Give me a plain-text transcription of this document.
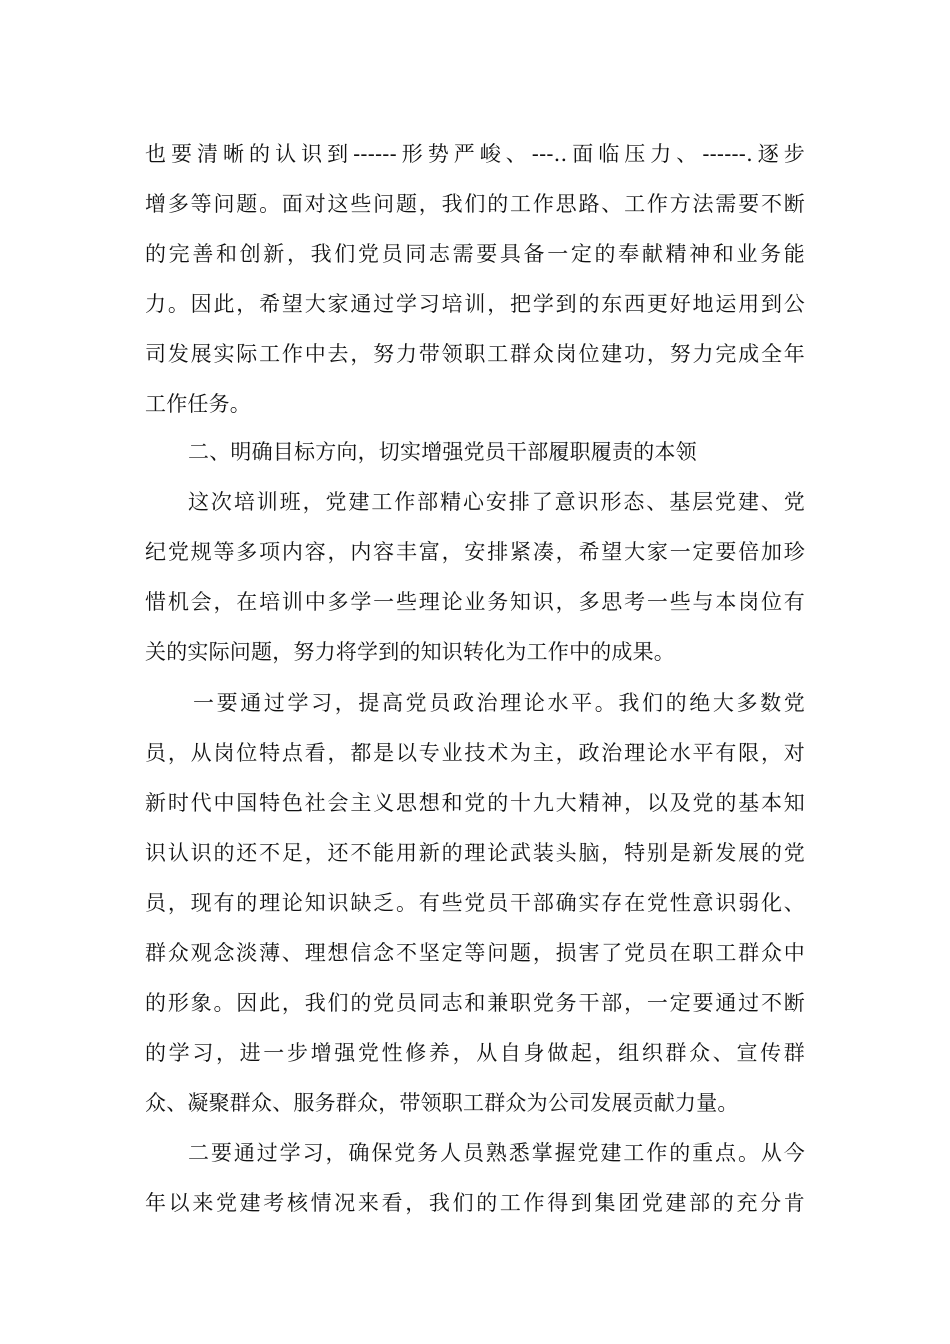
也要清晰的认识到------形势严峻、---..面临压力、------.逐步
增多等问题。面对这些问题，我们的工作思路、工作方法需要不断
的完善和创新，我们党员同志需要具备一定的奉献精神和业务能
力。因此，希望大家通过学习培训，把学到的东西更好地运用到公
司发展实际工作中去，努力带领职工群众岗位建功，努力完成全年
工作任务。
二、明确目标方向，切实增强党员干部履职履责的本领
这次培训班，党建工作部精心安排了意识形态、基层党建、党
纪党规等多项内容，内容丰富，安排紧凑，希望大家一定要倍加珍
惜机会，在培训中多学一些理论业务知识，多思考一些与本岗位有
关的实际问题，努力将学到的知识转化为工作中的成果。
一要通过学习，提高党员政治理论水平。我们的绝大多数党
员，从岗位特点看，都是以专业技术为主，政治理论水平有限，对
新时代中国特色社会主义思想和党的十九大精神，以及党的基本知
识认识的还不足，还不能用新的理论武装头脑，特别是新发展的党
员，现有的理论知识缺乏。有些党员干部确实存在党性意识弱化、
群众观念淡薄、理想信念不坚定等问题，损害了党员在职工群众中
的形象。因此，我们的党员同志和兼职党务干部，一定要通过不断
的学习，进一步增强党性修养，从自身做起，组织群众、宣传群
众、凝聚群众、服务群众，带领职工群众为公司发展贡献力量。
二要通过学习，确保党务人员熟悉掌握党建工作的重点。从今
年以来党建考核情况来看，我们的工作得到集团党建部的充分肯
